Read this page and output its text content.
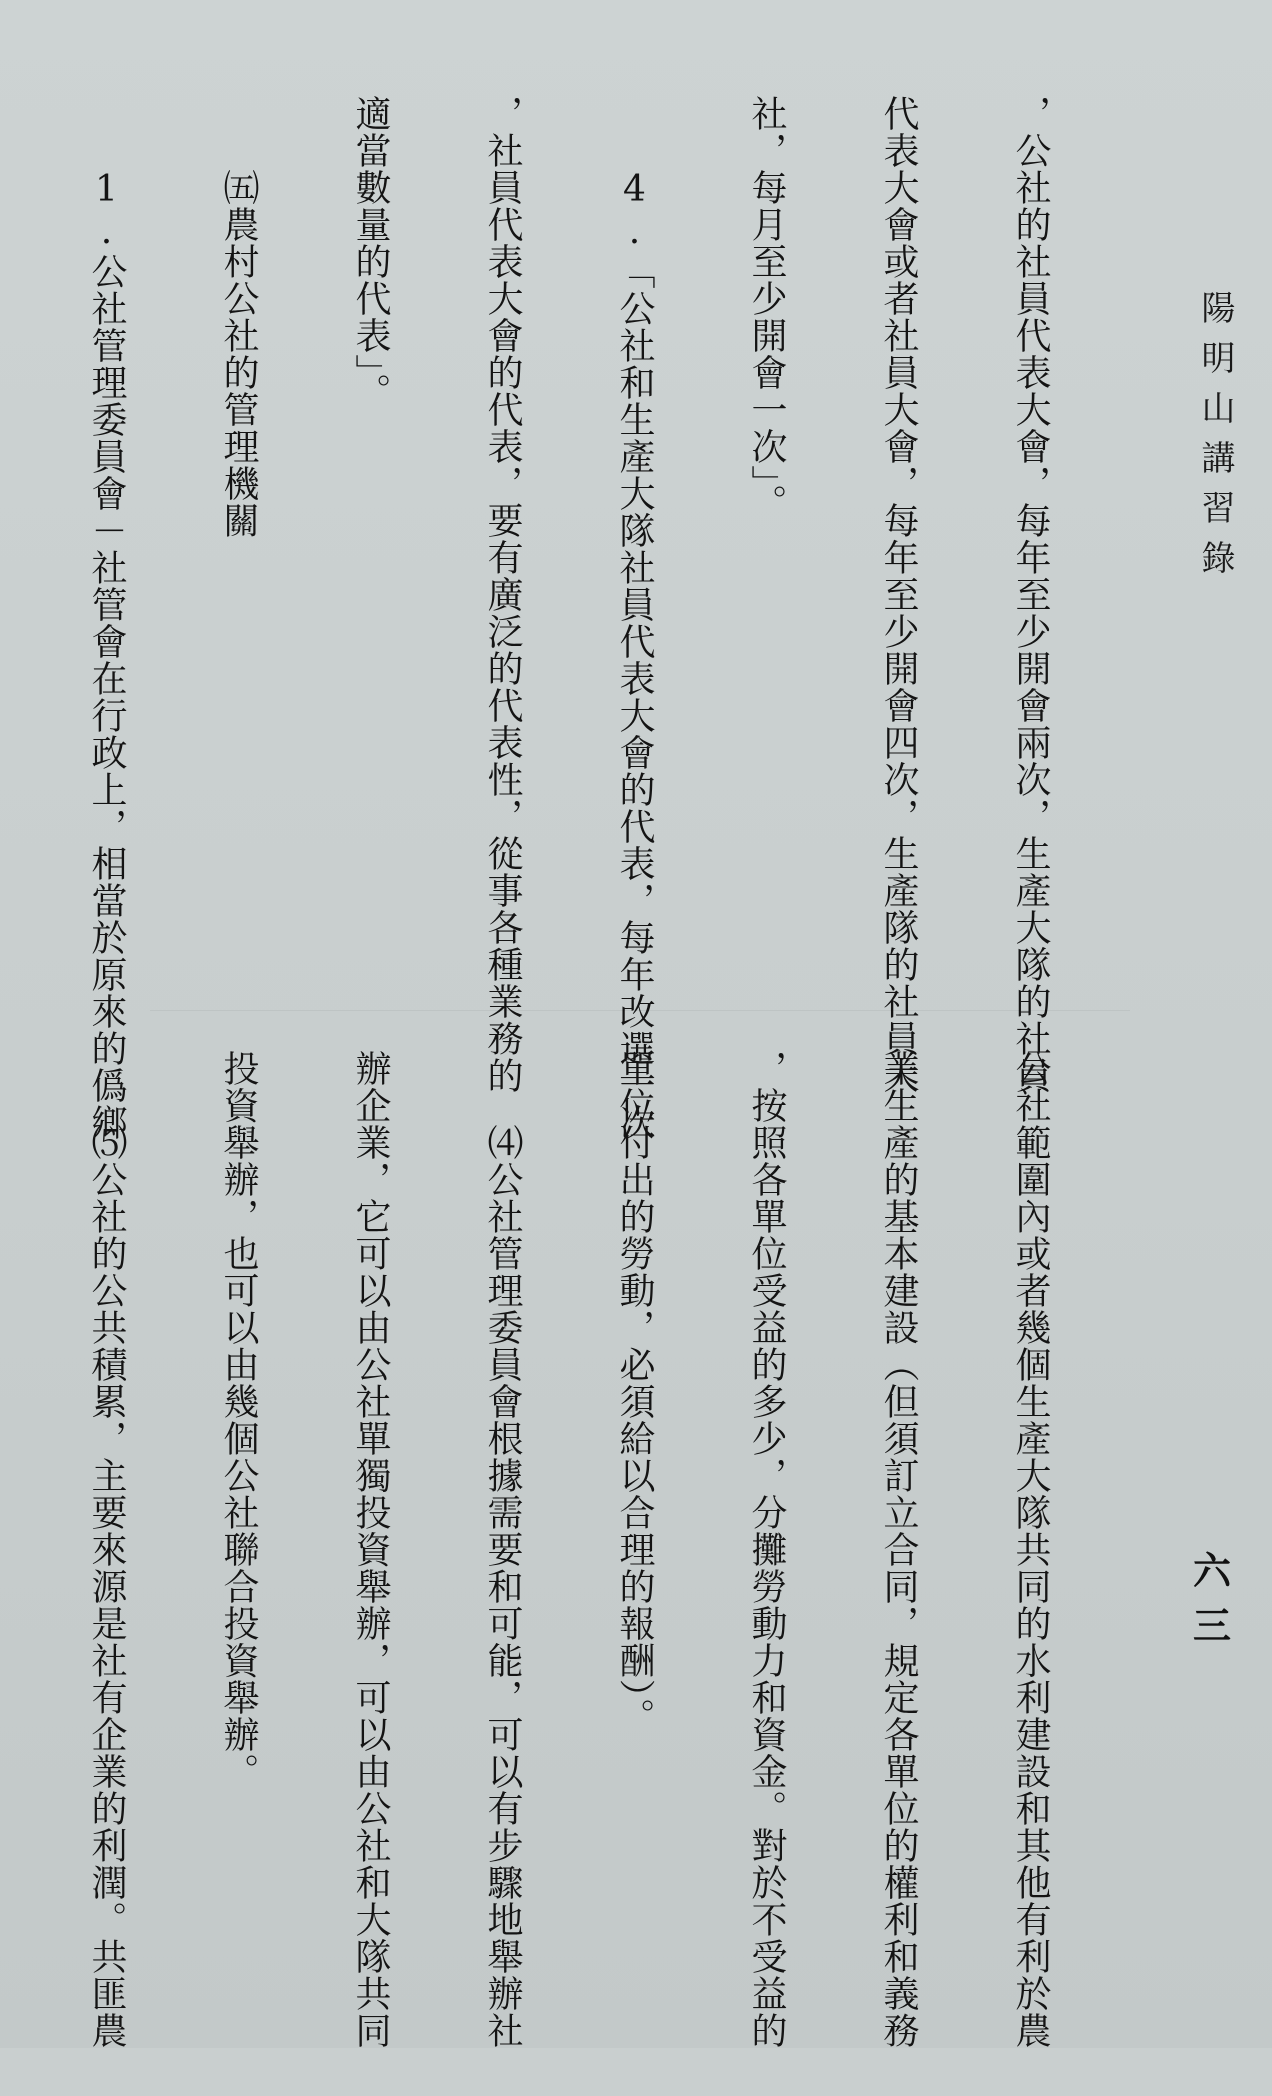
陽明山講習錄
六三

，公社的社員代表大會，每年至少開會兩次，生產大隊的社員

代表大會或者社員大會，每年至少開會四次，生產隊的社員大

社，每月至少開會一次」。

　　4.「公社和生產大隊社員代表大會的代表，每年改選一次

，社員代表大會的代表，要有廣泛的代表性，從事各種業務的

適當數量的代表」。

　　㈤農村公社的管理機關

　　1.公社管理委員會－社管會在行政上，相當於原來的僞鄉

公社範圍內或者幾個生產大隊共同的水利建設和其他有利於農

業生產的基本建設（但須訂立合同，規定各單位的權利和義務

，按照各單位受益的多少，分攤勞動力和資金。對於不受益的

單位付出的勞動，必須給以合理的報酬）。

　　⑷公社管理委員會根據需要和可能，可以有步驟地舉辦社

辦企業，它可以由公社單獨投資舉辦，可以由公社和大隊共同

投資舉辦，也可以由幾個公社聯合投資舉辦。

　　⑸公社的公共積累，主要來源是社有企業的利潤。共匪農
